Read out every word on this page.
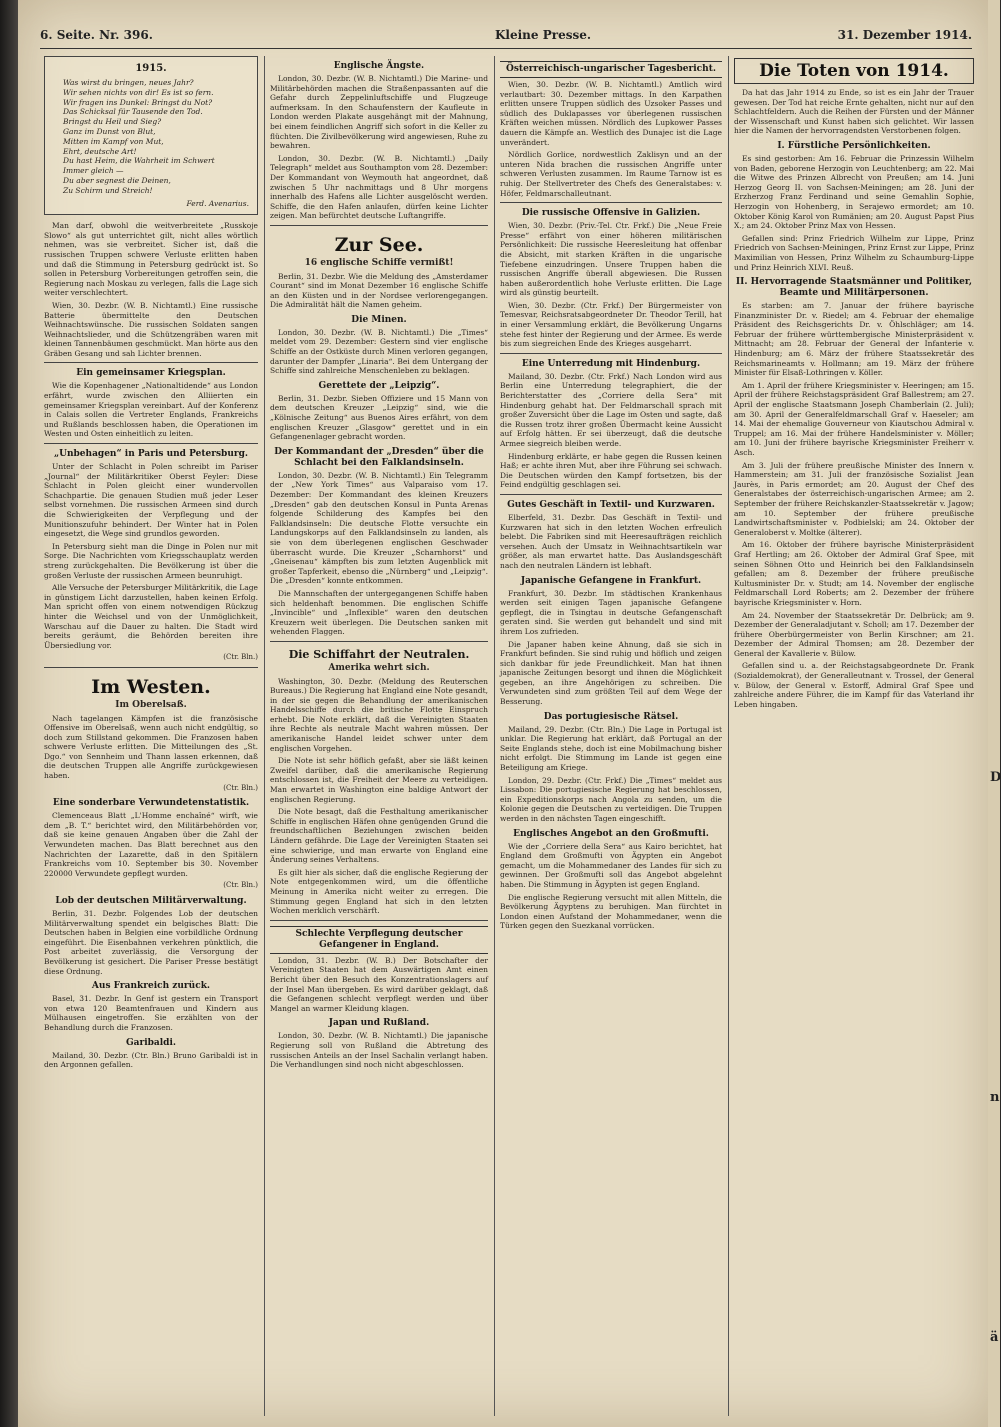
6. Seite. Nr. 396.	Kleine Presse.	31. Dezember 1914.
1915.
Was wirst du bringen, neues Jahr?
Wir sehen nichts von dir! Es ist so fern.
Wir fragen ins Dunkel: Bringst du Not?
Das Schicksal für Tausende den Tod.
Bringst du Heil und Sieg?
Ganz im Dunst von Blut,
Mitten im Kampf von Mut,
Ehrt, deutsche Art!
Du hast Heim, die Wahrheit im Schwert
Immer gleich —
Du aber segnest die Deinen,
Zu Schirm und Streich!
Ferd. Avenarius.

Man darf, obwohl die weitverbreitete „Russkoje Slowo“ als gut unterrichtet gilt, nicht alles wörtlich nehmen, was sie verbreitet. Sicher ist, daß die russischen Truppen schwere Verluste erlitten haben und daß die Stimmung in Petersburg gedrückt ist. So sollen in Petersburg Vorbereitungen getroffen sein, die Regierung nach Moskau zu verlegen, falls die Lage sich weiter verschlechtert.

Wien, 30. Dezbr. (W. B. Nichtamtl.) Eine russische Batterie übermittelte den Deutschen Weihnachtswünsche. Die russischen Soldaten sangen Weihnachtslieder, und die Schützengräben waren mit kleinen Tannenbäumen geschmückt. Man hörte aus den Gräben Gesang und sah Lichter brennen.

Ein gemeinsamer Kriegsplan.

Wie die Kopenhagener „Nationaltidende“ aus London erfährt, wurde zwischen den Alliierten ein gemeinsamer Kriegsplan vereinbart. Auf der Konferenz in Calais sollen die Vertreter Englands, Frankreichs und Rußlands beschlossen haben, die Operationen im Westen und Osten einheitlich zu leiten.

„Unbehagen“ in Paris und Petersburg.

Unter der Schlacht in Polen schreibt im Pariser „Journal“ der Militärkritiker Oberst Feyler: Diese Schlacht in Polen gleicht einer wundervollen Schachpartie. Die genauen Studien muß jeder Leser selbst vornehmen. Die russischen Armeen sind durch die Schwierigkeiten der Verpflegung und der Munitionszufuhr behindert. Der Winter hat in Polen eingesetzt, die Wege sind grundlos geworden.

In Petersburg sieht man die Dinge in Polen nur mit Sorge. Die Nachrichten vom Kriegsschauplatz werden streng zurückgehalten. Die Bevölkerung ist über die großen Verluste der russischen Armeen beunruhigt.

Alle Versuche der Petersburger Militärkritik, die Lage in günstigem Licht darzustellen, haben keinen Erfolg. Man spricht offen von einem notwendigen Rückzug hinter die Weichsel und von der Unmöglichkeit, Warschau auf die Dauer zu halten. Die Stadt wird bereits geräumt, die Behörden bereiten ihre Übersiedlung vor.

(Ctr. Bln.)
Im Westen.
Im Oberelsaß.

Nach tagelangen Kämpfen ist die französische Offensive im Oberelsaß, wenn auch nicht endgültig, so doch zum Stillstand gekommen. Die Franzosen haben schwere Verluste erlitten. Die Mitteilungen des „St. Dgo.“ von Sennheim und Thann lassen erkennen, daß die deutschen Truppen alle Angriffe zurückgewiesen haben.

(Ctr. Bln.)
Eine sonderbare Verwundetenstatistik.

Clemenceaus Blatt „L'Homme enchaîné“ wirft, wie dem „B. T.“ berichtet wird, den Militärbehörden vor, daß sie keine genauen Angaben über die Zahl der Verwundeten machen. Das Blatt berechnet aus den Nachrichten der Lazarette, daß in den Spitälern Frankreichs vom 10. September bis 30. November 220000 Verwundete gepflegt wurden.

(Ctr. Bln.)
Lob der deutschen Militärverwaltung.

Berlin, 31. Dezbr. Folgendes Lob der deutschen Militärverwaltung spendet ein belgisches Blatt: Die Deutschen haben in Belgien eine vorbildliche Ordnung eingeführt. Die Eisenbahnen verkehren pünktlich, die Post arbeitet zuverlässig, die Versorgung der Bevölkerung ist gesichert. Die Pariser Presse bestätigt diese Ordnung.

Aus Frankreich zurück.

Basel, 31. Dezbr. In Genf ist gestern ein Transport von etwa 120 Beamtenfrauen und Kindern aus Mülhausen eingetroffen. Sie erzählten von der Behandlung durch die Franzosen.

Garibaldi.

Mailand, 30. Dezbr. (Ctr. Bln.) Bruno Garibaldi ist in den Argonnen gefallen.

Englische Ängste.

London, 30. Dezbr. (W. B. Nichtamtl.) Die Marine- und Militärbehörden machen die Straßenpassanten auf die Gefahr durch Zeppelinluftschiffe und Flugzeuge aufmerksam. In den Schaufenstern der Kaufleute in London werden Plakate ausgehängt mit der Mahnung, bei einem feindlichen Angriff sich sofort in die Keller zu flüchten. Die Zivilbevölkerung wird angewiesen, Ruhe zu bewahren.

London, 30. Dezbr. (W. B. Nichtamtl.) „Daily Telegraph“ meldet aus Southampton vom 28. Dezember: Der Kommandant von Weymouth hat angeordnet, daß zwischen 5 Uhr nachmittags und 8 Uhr morgens innerhalb des Hafens alle Lichter ausgelöscht werden. Schiffe, die den Hafen anlaufen, dürfen keine Lichter zeigen. Man befürchtet deutsche Luftangriffe.

Zur See.
16 englische Schiffe vermißt!

Berlin, 31. Dezbr. Wie die Meldung des „Amsterdamer Courant“ sind im Monat Dezember 16 englische Schiffe an den Küsten und in der Nordsee verlorengegangen. Die Admiralität hält die Namen geheim.

Die Minen.

London, 30. Dezbr. (W. B. Nichtamtl.) Die „Times“ meldet vom 29. Dezember: Gestern sind vier englische Schiffe an der Ostküste durch Minen verloren gegangen, darunter der Dampfer „Linaria“. Bei dem Untergang der Schiffe sind zahlreiche Menschenleben zu beklagen.

Gerettete der „Leipzig“.

Berlin, 31. Dezbr. Sieben Offiziere und 15 Mann von dem deutschen Kreuzer „Leipzig“ sind, wie die „Kölnische Zeitung“ aus Buenos Aires erfährt, von dem englischen Kreuzer „Glasgow“ gerettet und in ein Gefangenenlager gebracht worden.

Der Kommandant der „Dresden“ über die Schlacht bei den Falklandsinseln.

London, 30. Dezbr. (W. B. Nichtamtl.) Ein Telegramm der „New York Times“ aus Valparaiso vom 17. Dezember: Der Kommandant des kleinen Kreuzers „Dresden“ gab den deutschen Konsul in Punta Arenas folgende Schilderung des Kampfes bei den Falklandsinseln: Die deutsche Flotte versuchte ein Landungskorps auf den Falklandsinseln zu landen, als sie von dem überlegenen englischen Geschwader überrascht wurde. Die Kreuzer „Scharnhorst“ und „Gneisenau“ kämpften bis zum letzten Augenblick mit großer Tapferkeit, ebenso die „Nürnberg“ und „Leipzig“. Die „Dresden“ konnte entkommen.

Die Mannschaften der untergegangenen Schiffe haben sich heldenhaft benommen. Die englischen Schiffe „Invincible“ und „Inflexible“ waren den deutschen Kreuzern weit überlegen. Die Deutschen sanken mit wehenden Flaggen.

Die Schiffahrt der Neutralen.
Amerika wehrt sich.

Washington, 30. Dezbr. (Meldung des Reuterschen Bureaus.) Die Regierung hat England eine Note gesandt, in der sie gegen die Behandlung der amerikanischen Handelsschiffe durch die britische Flotte Einspruch erhebt. Die Note erklärt, daß die Vereinigten Staaten ihre Rechte als neutrale Macht wahren müssen. Der amerikanische Handel leidet schwer unter dem englischen Vorgehen.

Die Note ist sehr höflich gefaßt, aber sie läßt keinen Zweifel darüber, daß die amerikanische Regierung entschlossen ist, die Freiheit der Meere zu verteidigen. Man erwartet in Washington eine baldige Antwort der englischen Regierung.

Die Note besagt, daß die Festhaltung amerikanischer Schiffe in englischen Häfen ohne genügenden Grund die freundschaftlichen Beziehungen zwischen beiden Ländern gefährde. Die Lage der Vereinigten Staaten sei eine schwierige, und man erwarte von England eine Änderung seines Verhaltens.

Es gilt hier als sicher, daß die englische Regierung der Note entgegenkommen wird, um die öffentliche Meinung in Amerika nicht weiter zu erregen. Die Stimmung gegen England hat sich in den letzten Wochen merklich verschärft.

Schlechte Verpflegung deutscher Gefangener in England.

London, 31. Dezbr. (W. B.) Der Botschafter der Vereinigten Staaten hat dem Auswärtigen Amt einen Bericht über den Besuch des Konzentrationslagers auf der Insel Man übergeben. Es wird darüber geklagt, daß die Gefangenen schlecht verpflegt werden und über Mangel an warmer Kleidung klagen.

Japan und Rußland.

London, 30. Dezbr. (W. B. Nichtamtl.) Die japanische Regierung soll von Rußland die Abtretung des russischen Anteils an der Insel Sachalin verlangt haben. Die Verhandlungen sind noch nicht abgeschlossen.

Österreichisch-ungarischer Tagesbericht.

Wien, 30. Dezbr. (W. B. Nichtamtl.) Amtlich wird verlautbart: 30. Dezember mittags. In den Karpathen erlitten unsere Truppen südlich des Uzsoker Passes und südlich des Duklapasses vor überlegenen russischen Kräften weichen müssen. Nördlich des Lupkower Passes dauern die Kämpfe an. Westlich des Dunajec ist die Lage unverändert.

Nördlich Gorlice, nordwestlich Zaklisyn und an der unteren Nida brachen die russischen Angriffe unter schweren Verlusten zusammen. Im Raume Tarnow ist es ruhig. Der Stellvertreter des Chefs des Generalstabes: v. Höfer, Feldmarschalleutnant.

Die russische Offensive in Galizien.

Wien, 30. Dezbr. (Priv.-Tel. Ctr. Frkf.) Die „Neue Freie Presse“ erfährt von einer höheren militärischen Persönlichkeit: Die russische Heeresleitung hat offenbar die Absicht, mit starken Kräften in die ungarische Tiefebene einzudringen. Unsere Truppen haben die russischen Angriffe überall abgewiesen. Die Russen haben außerordentlich hohe Verluste erlitten. Die Lage wird als günstig beurteilt.

Wien, 30. Dezbr. (Ctr. Frkf.) Der Bürgermeister von Temesvar, Reichsratsabgeordneter Dr. Theodor Terill, hat in einer Versammlung erklärt, die Bevölkerung Ungarns stehe fest hinter der Regierung und der Armee. Es werde bis zum siegreichen Ende des Krieges ausgeharrt.

Eine Unterredung mit Hindenburg.

Mailand, 30. Dezbr. (Ctr. Frkf.) Nach London wird aus Berlin eine Unterredung telegraphiert, die der Berichterstatter des „Corriere della Sera“ mit Hindenburg gehabt hat. Der Feldmarschall sprach mit großer Zuversicht über die Lage im Osten und sagte, daß die Russen trotz ihrer großen Übermacht keine Aussicht auf Erfolg hätten. Er sei überzeugt, daß die deutsche Armee siegreich bleiben werde.

Hindenburg erklärte, er habe gegen die Russen keinen Haß; er achte ihren Mut, aber ihre Führung sei schwach. Die Deutschen würden den Kampf fortsetzen, bis der Feind endgültig geschlagen sei.

Gutes Geschäft in Textil- und Kurzwaren.

Elberfeld, 31. Dezbr. Das Geschäft in Textil- und Kurzwaren hat sich in den letzten Wochen erfreulich belebt. Die Fabriken sind mit Heeresaufträgen reichlich versehen. Auch der Umsatz in Weihnachtsartikeln war größer, als man erwartet hatte. Das Auslandsgeschäft nach den neutralen Ländern ist lebhaft.

Japanische Gefangene in Frankfurt.

Frankfurt, 30. Dezbr. Im städtischen Krankenhaus werden seit einigen Tagen japanische Gefangene gepflegt, die in Tsingtau in deutsche Gefangenschaft geraten sind. Sie werden gut behandelt und sind mit ihrem Los zufrieden.

Die Japaner haben keine Ahnung, daß sie sich in Frankfurt befinden. Sie sind ruhig und höflich und zeigen sich dankbar für jede Freundlichkeit. Man hat ihnen japanische Zeitungen besorgt und ihnen die Möglichkeit gegeben, an ihre Angehörigen zu schreiben. Die Verwundeten sind zum größten Teil auf dem Wege der Besserung.

Das portugiesische Rätsel.

Mailand, 29. Dezbr. (Ctr. Bln.) Die Lage in Portugal ist unklar. Die Regierung hat erklärt, daß Portugal an der Seite Englands stehe, doch ist eine Mobilmachung bisher nicht erfolgt. Die Stimmung im Lande ist gegen eine Beteiligung am Kriege.

London, 29. Dezbr. (Ctr. Frkf.) Die „Times“ meldet aus Lissabon: Die portugiesische Regierung hat beschlossen, ein Expeditionskorps nach Angola zu senden, um die Kolonie gegen die Deutschen zu verteidigen. Die Truppen werden in den nächsten Tagen eingeschifft.

Englisches Angebot an den Großmufti.

Wie der „Corriere della Sera“ aus Kairo berichtet, hat England dem Großmufti von Ägypten ein Angebot gemacht, um die Mohammedaner des Landes für sich zu gewinnen. Der Großmufti soll das Angebot abgelehnt haben. Die Stimmung in Ägypten ist gegen England.

Die englische Regierung versucht mit allen Mitteln, die Bevölkerung Ägyptens zu beruhigen. Man fürchtet in London einen Aufstand der Mohammedaner, wenn die Türken gegen den Suezkanal vorrücken.

Die Toten von 1914.

Da hat das Jahr 1914 zu Ende, so ist es ein Jahr der Trauer gewesen. Der Tod hat reiche Ernte gehalten, nicht nur auf den Schlachtfeldern. Auch die Reihen der Fürsten und der Männer der Wissenschaft und Kunst haben sich gelichtet. Wir lassen hier die Namen der hervorragendsten Verstorbenen folgen.

I. Fürstliche Persönlichkeiten.

Es sind gestorben: Am 16. Februar die Prinzessin Wilhelm von Baden, geborene Herzogin von Leuchtenberg; am 22. Mai die Witwe des Prinzen Albrecht von Preußen; am 14. Juni Herzog Georg II. von Sachsen-Meiningen; am 28. Juni der Erzherzog Franz Ferdinand und seine Gemahlin Sophie, Herzogin von Hohenberg, in Serajewo ermordet; am 10. Oktober König Karol von Rumänien; am 20. August Papst Pius X.; am 24. Oktober Prinz Max von Hessen.

Gefallen sind: Prinz Friedrich Wilhelm zur Lippe, Prinz Friedrich von Sachsen-Meiningen, Prinz Ernst zur Lippe, Prinz Maximilian von Hessen, Prinz Wilhelm zu Schaumburg-Lippe und Prinz Heinrich XLVI. Reuß.

II. Hervorragende Staatsmänner und Politiker, Beamte und Militärpersonen.

Es starben: am 7. Januar der frühere bayrische Finanzminister Dr. v. Riedel; am 4. Februar der ehemalige Präsident des Reichsgerichts Dr. v. Öhlschläger; am 14. Februar der frühere württembergische Ministerpräsident v. Mittnacht; am 28. Februar der General der Infanterie v. Hindenburg; am 6. März der frühere Staatssekretär des Reichsmarineamts v. Hollmann; am 19. März der frühere Minister für Elsaß-Lothringen v. Köller.

Am 1. April der frühere Kriegsminister v. Heeringen; am 15. April der frühere Reichstagspräsident Graf Ballestrem; am 27. April der englische Staatsmann Joseph Chamberlain (2. Juli); am 30. April der Generalfeldmarschall Graf v. Haeseler; am 14. Mai der ehemalige Gouverneur von Kiautschou Admiral v. Truppel; am 16. Mai der frühere Handelsminister v. Möller; am 10. Juni der frühere bayrische Kriegsminister Freiherr v. Asch.

Am 3. Juli der frühere preußische Minister des Innern v. Hammerstein; am 31. Juli der französische Sozialist Jean Jaurès, in Paris ermordet; am 20. August der Chef des Generalstabes der österreichisch-ungarischen Armee; am 2. September der frühere Reichskanzler-Staatssekretär v. Jagow; am 10. September der frühere preußische Landwirtschaftsminister v. Podbielski; am 24. Oktober der Generaloberst v. Moltke (älterer).

Am 16. Oktober der frühere bayrische Ministerpräsident Graf Hertling; am 26. Oktober der Admiral Graf Spee, mit seinen Söhnen Otto und Heinrich bei den Falklandsinseln gefallen; am 8. Dezember der frühere preußische Kultusminister Dr. v. Studt; am 14. November der englische Feldmarschall Lord Roberts; am 2. Dezember der frühere bayrische Kriegsminister v. Horn.

Am 24. November der Staatssekretär Dr. Delbrück; am 9. Dezember der Generaladjutant v. Scholl; am 17. Dezember der frühere Oberbürgermeister von Berlin Kirschner; am 21. Dezember der Admiral Thomsen; am 28. Dezember der General der Kavallerie v. Bülow.

Gefallen sind u. a. der Reichstagsabgeordnete Dr. Frank (Sozialdemokrat), der Generalleutnant v. Trossel, der General v. Bülow, der General v. Estorff, Admiral Graf Spee und zahlreiche andere Führer, die im Kampf für das Vaterland ihr Leben hingaben.

D
n
ä
